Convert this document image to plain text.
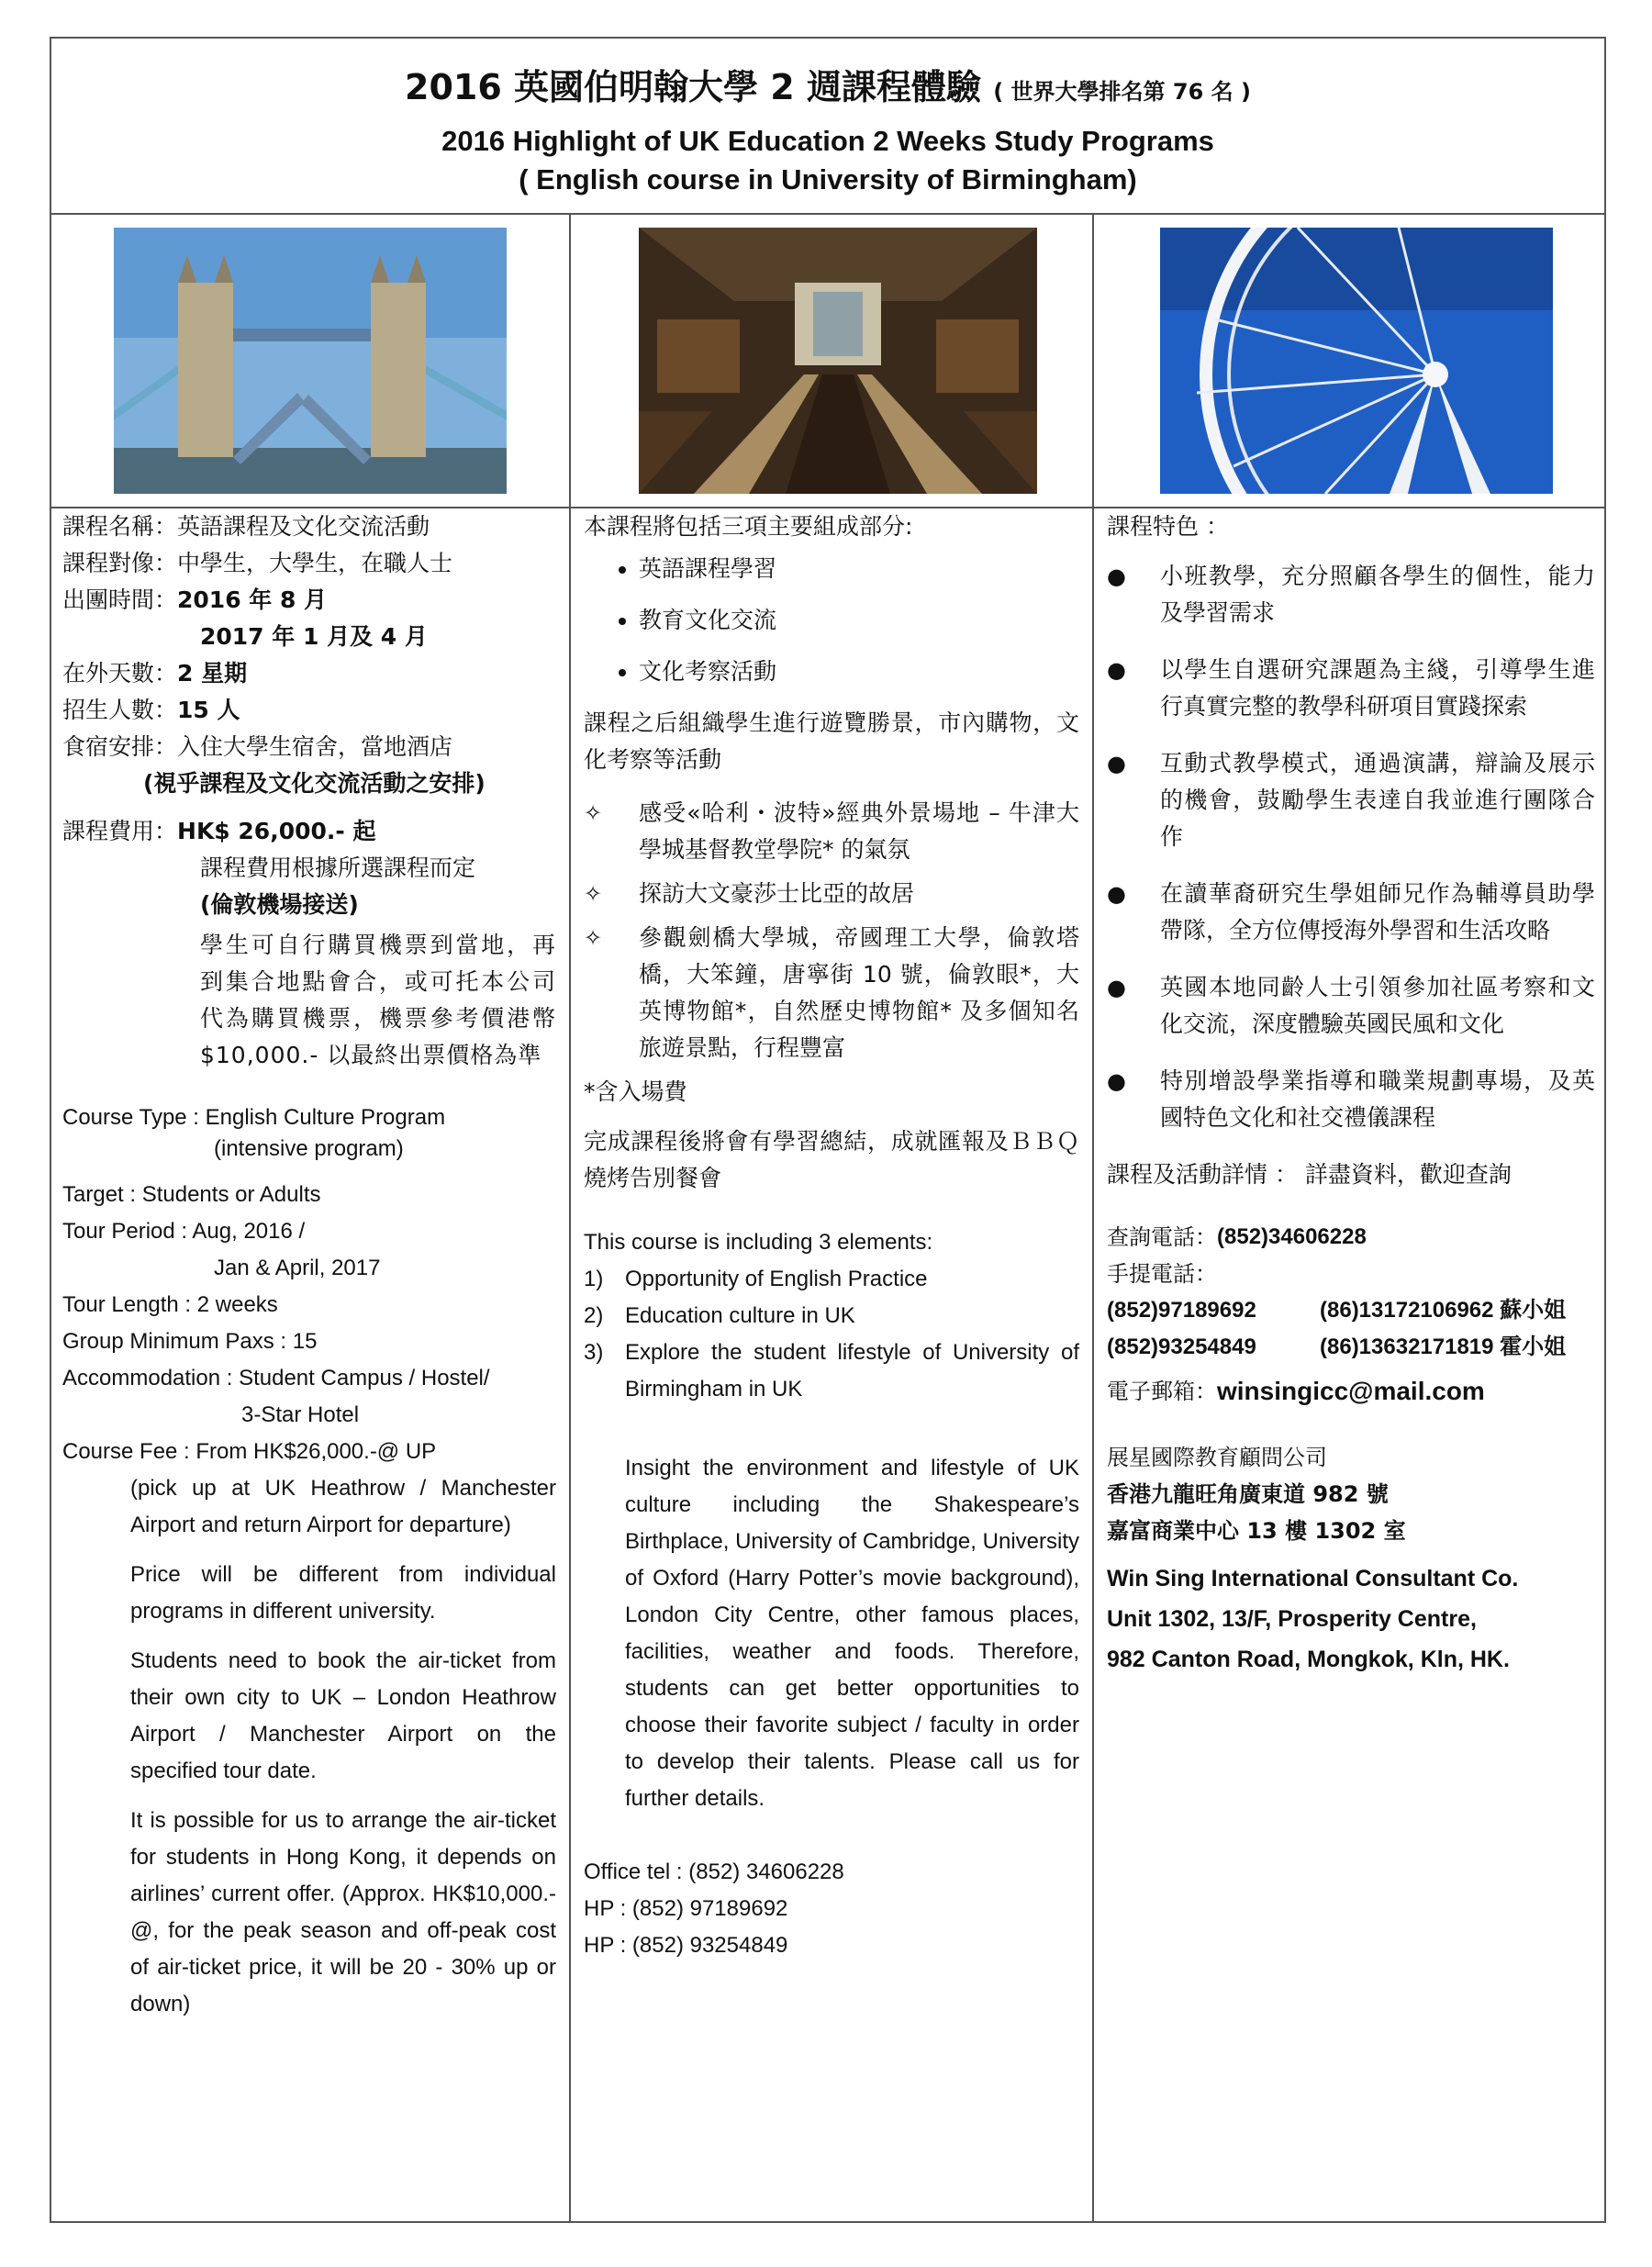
2016 英國伯明翰大學 2 週課程體驗 ( 世界大學排名第 76 名 )
2016 Highlight of UK Education 2 Weeks Study Programs
( English course in University of Birmingham)
課程名稱： 英語課程及文化交流活動
課程對像： 中學生，大學生，在職人士
出團時間： 2016 年 8 月

2017 年 1 月及 4 月

在外天數： 2 星期
招生人數： 15 人
食宿安排： 入住大學生宿舍，當地酒店

(視乎課程及文化交流活動之安排)

課程費用： HK$ 26,000.- 起

課程費用根據所選課程而定

(倫敦機場接送)

學生可自行購買機票到當地，再到集合地點會合，或可托本公司代為購買機票，機票參考價港幣 $10,000.- 以最終出票價格為準

Course Type : English Culture Program

(intensive program)

Target : Students or Adults

Tour Period : Aug, 2016 /

Jan & April, 2017

Tour Length : 2 weeks

Group Minimum Paxs : 15

Accommodation : Student Campus / Hostel/

3-Star Hotel

Course Fee : From HK$26,000.-@ UP

(pick up at UK Heathrow / Manchester Airport and return Airport for departure)

Price will be different from individual programs in different university.

Students need to book the air-ticket from their own city to UK – London Heathrow Airport / Manchester Airport on the specified tour date.

It is possible for us to arrange the air-ticket for students in Hong Kong, it depends on airlines’ current offer. (Approx. HK$10,000.-@, for the peak season and off-peak cost of air-ticket price, it will be 20 - 30% up or down)

本課程將包括三項主要組成部分:

• 英語課程學習
• 教育文化交流
• 文化考察活動

課程之后組織學生進行遊覽勝景，市內購物，文化考察等活動

✧	感受«哈利・波特»經典外景場地 – 牛津大學城基督教堂學院* 的氣氛
✧	探訪大文豪莎士比亞的故居
✧	參觀劍橋大學城，帝國理工大學，倫敦塔橋，大笨鐘，唐寧街 10 號，倫敦眼*，大英博物館*，自然歷史博物館* 及多個知名旅遊景點，行程豐富

*含入場費

完成課程後將會有學習總結，成就匯報及ＢＢＱ燒烤告別餐會

This course is including 3 elements:

1) Opportunity of English Practice
2) Education culture in UK
3) Explore the student lifestyle of University of Birmingham in UK

Insight the environment and lifestyle of UK culture including the Shakespeare’s Birthplace, University of Cambridge, University of Oxford (Harry Potter’s movie background), London City Centre, other famous places, facilities, weather and foods. Therefore, students can get better opportunities to choose their favorite subject / faculty in order to develop their talents. Please call us for further details.

Office tel : (852) 34606228

HP : (852) 97189692

HP : (852) 93254849

課程特色 ：

●	小班教學，充分照顧各學生的個性，能力及學習需求
●	以學生自選研究課題為主綫，引導學生進行真實完整的教學科研項目實踐探索
●	互動式教學模式，通過演講，辯論及展示的機會，鼓勵學生表達自我並進行團隊合作
●	在讀華裔研究生學姐師兄作為輔導員助學帶隊，全方位傳授海外學習和生活攻略
●	英國本地同齡人士引領參加社區考察和文化交流，深度體驗英國民風和文化
●	特別增設學業指導和職業規劃專場，及英國特色文化和社交禮儀課程

課程及活動詳情 ： 詳盡資料，歡迎查詢

查詢電話： (852)34606228

手提電話：

(852)97189692	(86)13172106962 蘇小姐
(852)93254849	(86)13632171819 霍小姐
電子郵箱： winsingicc@mail.com

展星國際教育顧問公司

香港九龍旺角廣東道 982 號

嘉富商業中心 13 樓 1302 室

Win Sing International Consultant Co.

Unit 1302, 13/F, Prosperity Centre,

982 Canton Road, Mongkok, Kln, HK.
